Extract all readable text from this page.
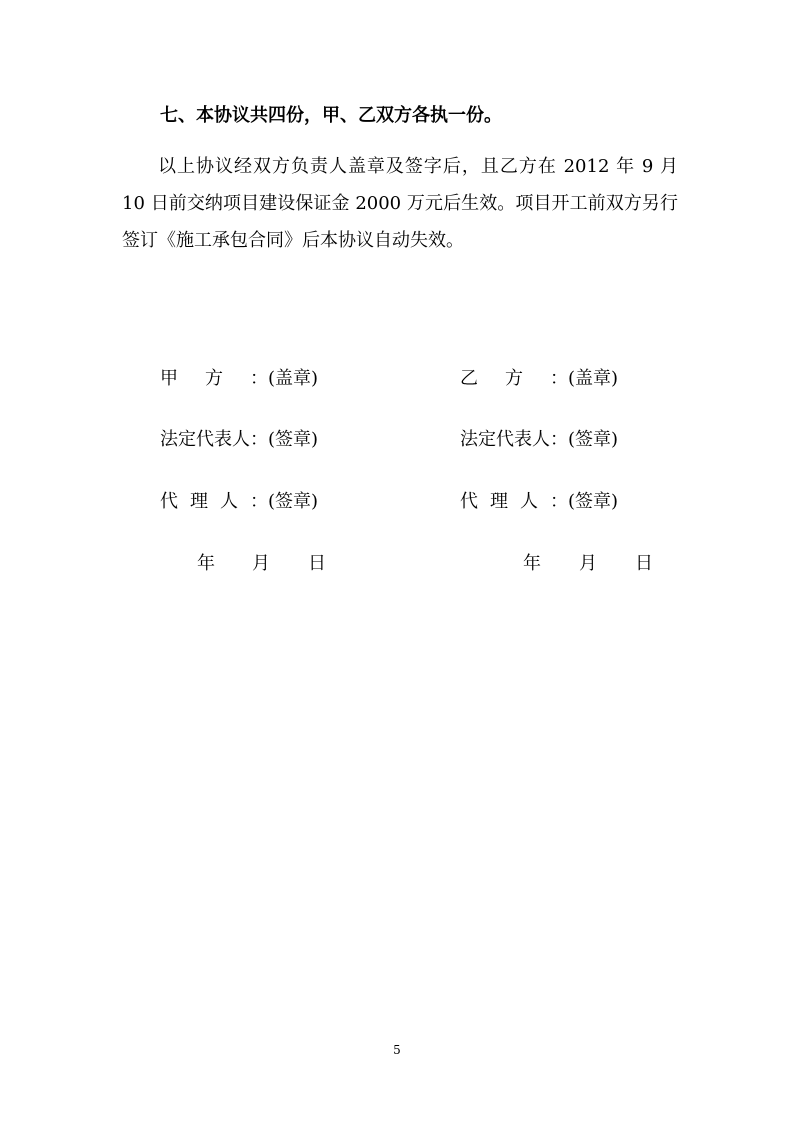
七、本协议共四份，甲、乙双方各执一份。
以上协议经双方负责人盖章及签字后，且乙方在 2012 年 9 月 10 日前交纳项目建设保证金 2000 万元后生效。项目开工前双方另行签订《施工承包合同》后本协议自动失效。
甲方：(盖章)
法定代表人：(签章)
代理人：(签章)
年 月 日
乙方：(盖章)
法定代表人：(签章)
代理人：(签章)
年 月 日
5
